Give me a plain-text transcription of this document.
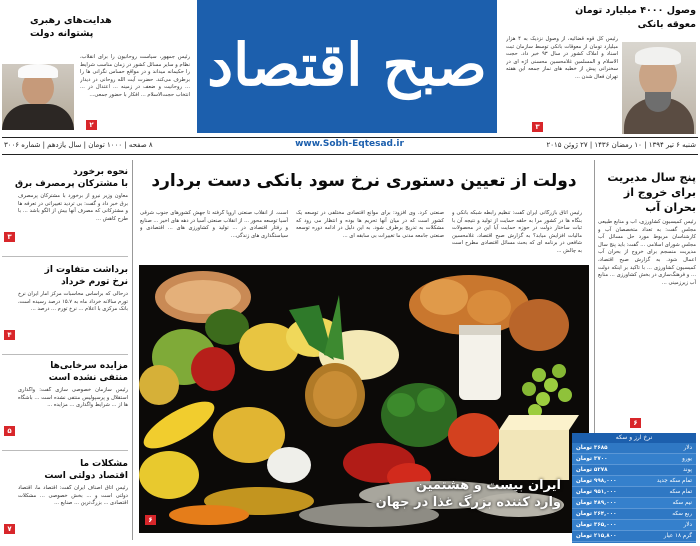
صبح اقتصاد
www.Sobh-Eqtesad.ir
وصول ۴۰۰۰ میلیارد تومان
معوقه بانکی
رئیس کل قوه قضائیه، از وصول نزدیک به ۴ هزار میلیارد تومان از معوقات بانکی توسط سازمان ثبت اسناد و املاک کشور در سال ۹۳ خبر داد. حجت الاسلام و المسلمین غلامحسین محسنی اژه ای در سخنرانی پیش از خطبه های نماز جمعه این هفته تهران فعال شدن ...
۳
هدایت‌های رهبری
پشتوانه دولت
رئیس جمهور، سیاست روحانیون را برای انقلاب، نظام و سایر مسائل کشور در زمان مناسب شرایط را حکیمانه میداند و در مواقع حساس نگرانی ها را برطرف می‌کند. حضرت آیت الله روحانی در دیدار ... روحانیت و ضعف در زمینه ... اعتدال در ... انتخاب حجت‌الاسلام ... افکار با حضور جمعی...
۲
شنبه ۶ تیر ۱۳۹۴ | ۱۰ رمضان ۱۴۳۶ | ۲۷ ژوئن ۲۰۱۵
۸ صفحه | ۱۰۰۰ تومان | سال یازدهم | شماره ۳۰۰۶
دولت از تعیین دستوری نرخ سود بانکی دست بردارد
رئیس اتاق بازرگانی ایران گفت: تنظیم رابطه شبکه بانکی و بنگاه ها در کشور مرا به حلقه حمایت از تولید و نتیجه آن با ثبات ساختار دولت در حوزه حمایت آیا این در محصولات مالیات افزایش میابد؟ به گزارش صبح اقتصاد، غلامحسین شافعی در برنامه ای که بحث مسائل اقتصادی مطرح است به چالش ...
صنعتی کرد. وی افزود: برای موانع اقتصادی مختلفی در توسعه یک کشور است که در میان آنها تحریم ها بوده و انتظار می رود که مشکلات به تدریج برطرف شود. به این دلیل در ادامه دوره توسعه صنعتی جامعه مدنی ما تغییرات بی سابقه ای ...
است. از انقلاب صنعتی اروپا گرفته تا جهش کشورهای جنوب شرقی آسیا توسعه محور ... از انقلاب صنعتی آسیا در دهه های اخیر ... صنایع و رفتار اقتصادی در ... تولید و کشاورزی های ... اقتصادی و سیاستگذاری های زندگی...
ایران بیست و هشتمین
وارد کننده بزرگ غذا در جهان
۶
پنج سال مدیریت
برای خروج از
بحران آب
رئیس کمیسیون کشاورزی، آب و منابع طبیعی مجلس گفت: به تعداد متخصصان آب و کارشناسان مربوط مورد حل مسائل آب مجلس شورای اسلامی ... گفت: باید پنج سال مدیریت منسجم برای خروج از بحران آب اعمال شود. به گزارش صبح اقتصاد، کمیسیون کشاورزی ... با تاکید بر اینکه دولت ... و فرهنگ‌سازی در بخش کشاورزی ... منابع آب زیرزمینی ...
۶
نرخ ارز و سکه
دلار
۳۶۸۵ تومان
یورو
۳۷۰۰ تومان
پوند
۵۲۷۸ تومان
تمام سکه جدید
۹۹۸,۰۰۰ تومان
تمام سکه
۹۵۱,۰۰۰ تومان
نیم سکه
۴۸۹,۰۰۰ تومان
ربع سکه
۲۶۴,۰۰۰ تومان
دلار
۳۶۵,۰۰۰ تومان
گرم ۱۸ عیار
۲۱۵,۸۰۰ تومان
نحوه برخورد
با مشترکان پرمصرف برق
معاون وزیر نیرو از برخورد با مشترکان پرمصرف برق خبر داد و گفت: بی تردید تغییراتی در تعرفه ها و مشترکانی که مصرف آنها بیش از الگو باشد ... با طرح کاهش ...
۳
برداشت متفاوت از
نرخ تورم خرداد
درحالی که براساس محاسبات مرکز آمار ایران نرخ تورم سالانه خرداد ماه به ۱۵.۷ درصد رسیده است، بانک مرکزی با اعلام ... نرخ تورم ... درصد ...
۴
مزایده سرخابی‌ها
منتفی نشده است
رئیس سازمان خصوصی سازی گفت: واگذاری استقلال و پرسپولیس منتفی نشده است ... باشگاه ها از ... شرایط واگذاری ... مزایده ...
۵
مشکلات ما
اقتصاد دولتی است
رئیس اتاق اصناف ایران گفت: اقتصاد ما، اقتصاد دولتی است و ... بخش خصوصی ... مشکلات اقتصادی ... بزرگ‌ترین ... صنایع ...
۷
